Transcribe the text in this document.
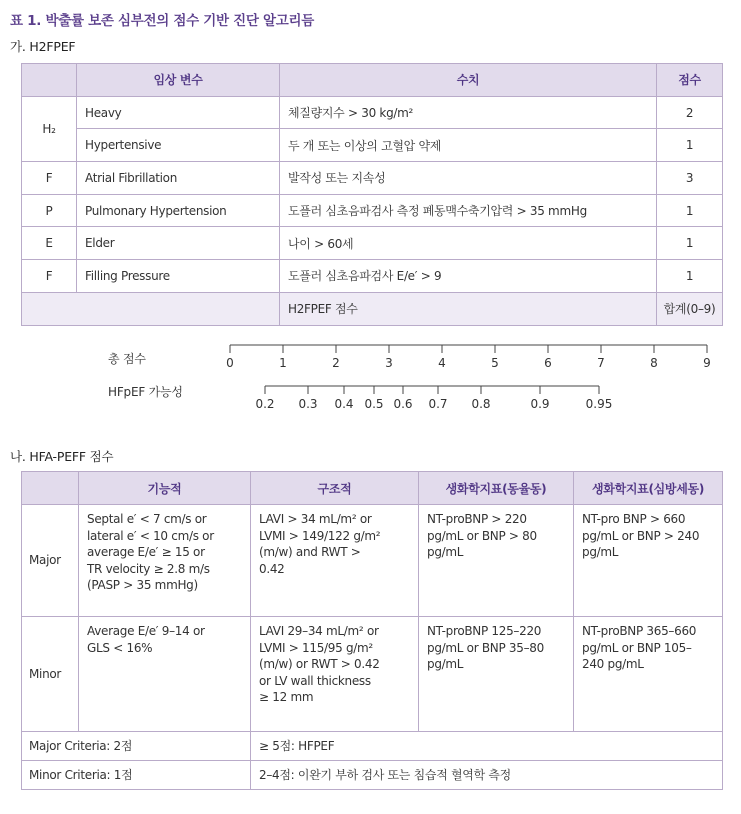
표 1. 박출률 보존 심부전의 점수 기반 진단 알고리듬
가. H2FPEF
	임상 변수	수치	점수
H₂	Heavy	체질량지수 > 30 kg/m²	2
	Hypertensive	두 개 또는 이상의 고혈압 약제	1
F	Atrial Fibrillation	발작성 또는 지속성	3
P	Pulmonary Hypertension	도플러 심초음파검사 측정 폐동맥수축기압력 > 35 mmHg	1
E	Elder	나이 > 60세	1
F	Filling Pressure	도플러 심초음파검사 E/e′ > 9	1
		H2FPEF 점수	합계(0–9)
총 점수
HFpEF 가능성
0	1	2	3	4	5	6	7	8	9
0.2 0.3 0.4 0.5 0.6 0.7 0.8	0.9	0.95
나. HFA-PEFF 점수
	기능적	구조적	생화학지표(동율동)	생화학지표(심방세동)
Major	Septal e′ < 7 cm/s or
lateral e′ < 10 cm/s or
average E/e′ ≥ 15 or
TR velocity ≥ 2.8 m/s
(PASP > 35 mmHg)	LAVI > 34 mL/m² or
LVMI > 149/122 g/m²
(m/w) and RWT >
0.42	NT-proBNP > 220
pg/mL or BNP > 80
pg/mL	NT-pro BNP > 660
pg/mL or BNP > 240
pg/mL
Minor	Average E/e′ 9–14 or
GLS < 16%	LAVI 29–34 mL/m² or
LVMI > 115/95 g/m²
(m/w) or RWT > 0.42
or LV wall thickness
≥ 12 mm	NT-proBNP 125–220
pg/mL or BNP 35–80
pg/mL	NT-proBNP 365–660
pg/mL or BNP 105–
240 pg/mL
Major Criteria: 2점		≥ 5점: HFPEF		
Minor Criteria: 1점		2–4점: 이완기 부하 검사 또는 침습적 혈역학 측정		
